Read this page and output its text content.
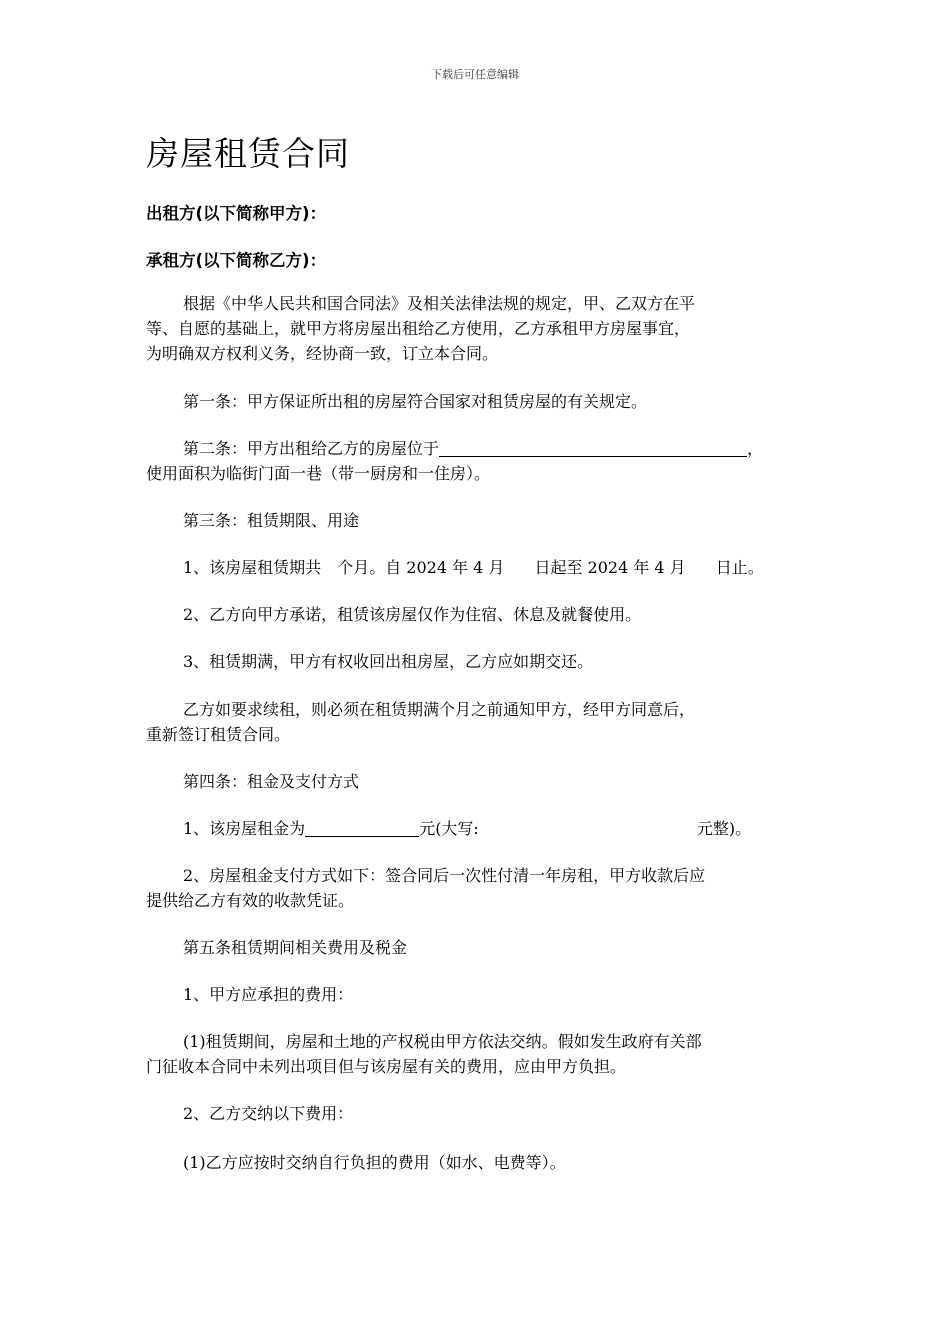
下载后可任意编辑
房屋租赁合同
出租方(以下简称甲方)：
承租方(以下简称乙方)：
根据《中华人民共和国合同法》及相关法律法规的规定，甲、乙双方在平
等、自愿的基础上，就甲方将房屋出租给乙方使用，乙方承租甲方房屋事宜，
为明确双方权利义务，经协商一致，订立本合同。
第一条：甲方保证所出租的房屋符合国家对租赁房屋的有关规定。
第二条：甲方出租给乙方的房屋位于	，
使用面积为临街门面一巷（带一厨房和一住房）。
第三条：租赁期限、用途
1、该房屋租赁期共 个月。自 2024 年 4 月 日起至 2024 年 4 月 日止。
2、乙方向甲方承诺，租赁该房屋仅作为住宿、休息及就餐使用。
3、租赁期满，甲方有权收回出租房屋，乙方应如期交还。
乙方如要求续租，则必须在租赁期满个月之前通知甲方，经甲方同意后，
重新签订租赁合同。
第四条：租金及支付方式
1、该房屋租金为	元(大写:	元整)。
2、房屋租金支付方式如下：签合同后一次性付清一年房租，甲方收款后应
提供给乙方有效的收款凭证。
第五条租赁期间相关费用及税金
1、甲方应承担的费用：
(1)租赁期间，房屋和土地的产权税由甲方依法交纳。假如发生政府有关部
门征收本合同中未列出项目但与该房屋有关的费用，应由甲方负担。
2、乙方交纳以下费用：
(1)乙方应按时交纳自行负担的费用（如水、电费等）。
